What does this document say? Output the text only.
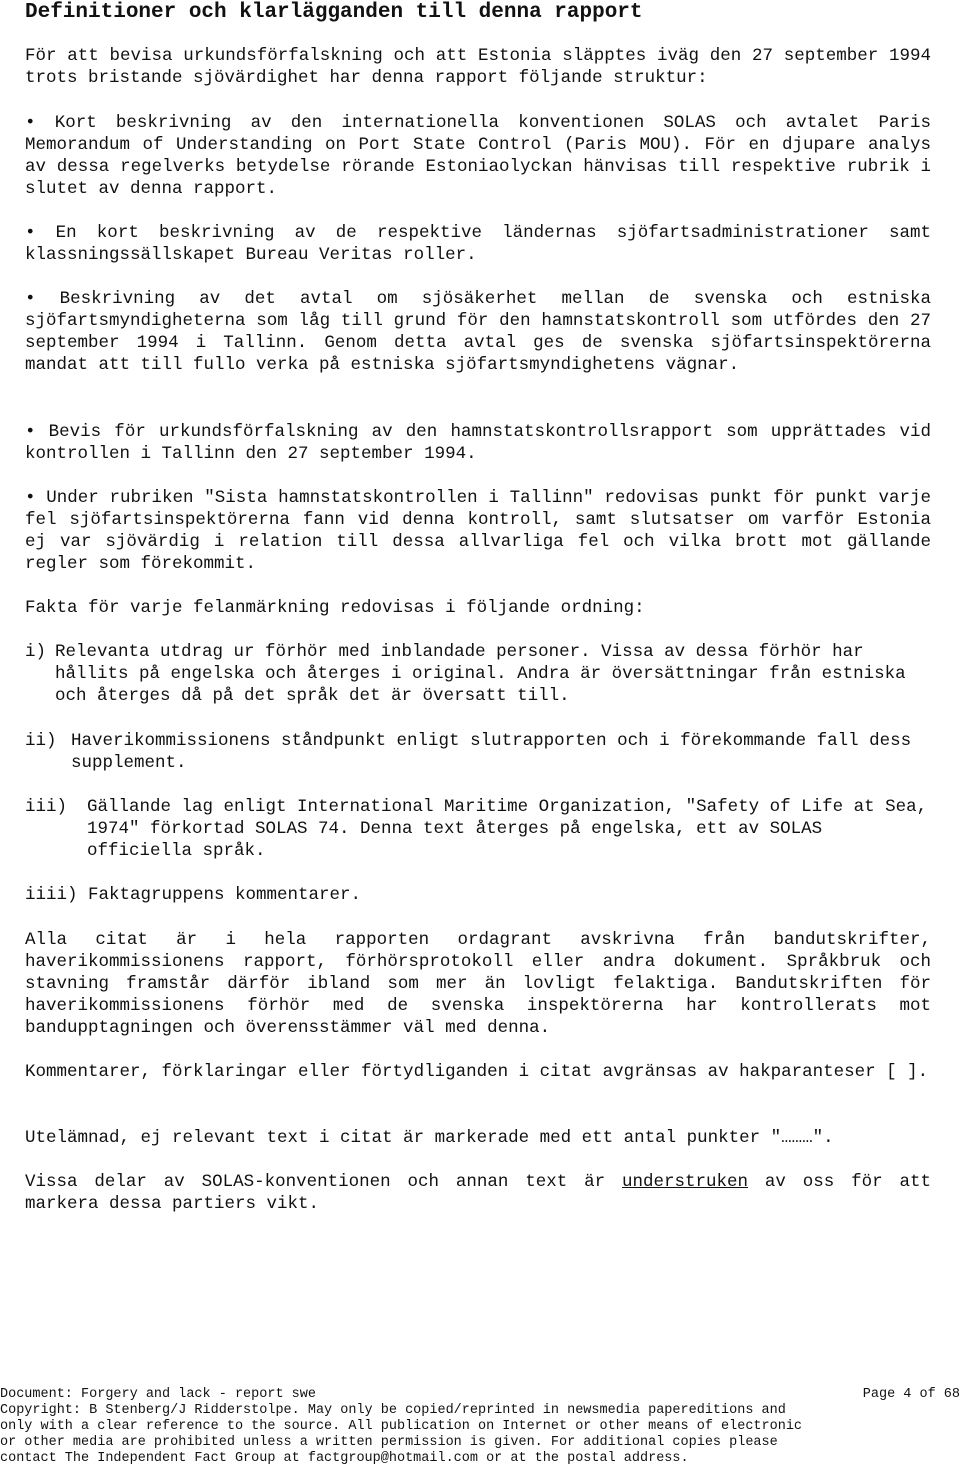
Definitioner och klarlägganden till denna rapport
För att bevisa urkundsförfalskning och att Estonia släpptes iväg den 27 september 1994 trots bristande sjövärdighet har denna rapport följande struktur:
• Kort beskrivning av den internationella konventionen SOLAS och avtalet Paris Memorandum of Understanding on Port State Control (Paris MOU). För en djupare analys av dessa regelverks betydelse rörande Estoniaolyckan hänvisas till respektive rubrik i slutet av denna rapport.
• En kort beskrivning av de respektive ländernas sjöfartsadministrationer samt klassningssällskapet Bureau Veritas roller.
• Beskrivning av det avtal om sjösäkerhet mellan de svenska och estniska sjöfartsmyndigheterna som låg till grund för den hamnstatskontroll som utfördes den 27 september 1994 i Tallinn. Genom detta avtal ges de svenska sjöfartsinspektörerna mandat att till fullo verka på estniska sjöfartsmyndighetens vägnar.
• Bevis för urkundsförfalskning av den hamnstatskontrollsrapport som upprättades vid kontrollen i Tallinn den 27 september 1994.
• Under rubriken "Sista hamnstatskontrollen i Tallinn" redovisas punkt för punkt varje fel sjöfartsinspektörerna fann vid denna kontroll, samt slutsatser om varför Estonia ej var sjövärdig i relation till dessa allvarliga fel och vilka brott mot gällande regler som förekommit.
Fakta för varje felanmärkning redovisas i följande ordning:
i) Relevanta utdrag ur förhör med inblandade personer. Vissa av dessa förhör har hållits på engelska och återges i original. Andra är översättningar från estniska och återges då på det språk det är översatt till.
ii) Haverikommissionens ståndpunkt enligt slutrapporten och i förekommande fall dess supplement.
iii)	Gällande lag enligt International Maritime Organization, "Safety of Life at Sea, 1974" förkortad SOLAS 74. Denna text återges på engelska, ett av SOLAS officiella språk.
iiii) Faktagruppens kommentarer.
Alla citat är i hela rapporten ordagrant avskrivna från bandutskrifter, haverikommissionens rapport, förhörsprotokoll eller andra dokument. Språkbruk och stavning framstår därför ibland som mer än lovligt felaktiga. Bandutskriften för haverikommissionens förhör med de svenska inspektörerna har kontrollerats mot bandupptagningen och överensstämmer väl med denna.
Kommentarer, förklaringar eller förtydliganden i citat avgränsas av hakparanteser [ ].
Utelämnad, ej relevant text i citat är markerade med ett antal punkter "………".
Vissa delar av SOLAS-konventionen och annan text är understruken av oss för att markera dessa partiers vikt.
Document: Forgery and lack - report swe	Page 4 of 68
Copyright: B Stenberg/J Ridderstolpe. May only be copied/reprinted in newsmedia papereditions and
only with a clear reference to the source. All publication on Internet or other means of electronic
or other media are prohibited unless a written permission is given. For additional copies please
contact The Independent Fact Group at factgroup@hotmail.com or at the postal address.
